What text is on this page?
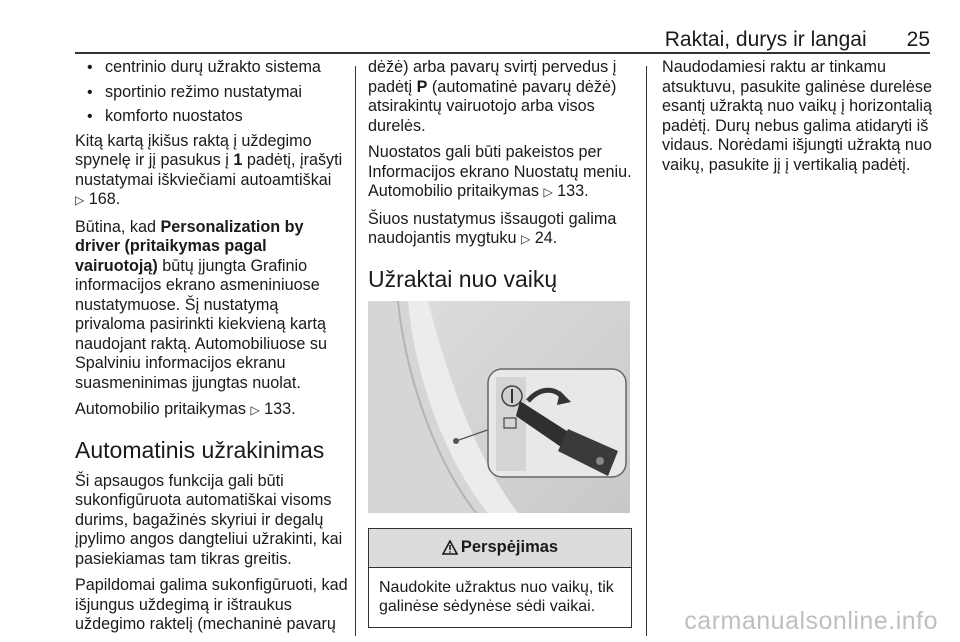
Raktai, durys ir langai 25
• centrinio durų užrakto sistema
• sportinio režimo nustatymai
• komforto nuostatos

Kitą kartą įkišus raktą į uždegimo spynelę ir jį pasukus į 1 padėtį, įrašyti nustatymai iškviečiami autoamtiškai ▷ 168.

Būtina, kad Personalization by driver (pritaikymas pagal vairuotoją) būtų įjungta Grafinio informacijos ekrano asmeniniuose nustatymuose. Šį nustatymą privaloma pasirinkti kiekvieną kartą naudojant raktą. Automobiliuose su Spalviniu informacijos ekranu suasmeninimas įjungtas nuolat.

Automobilio pritaikymas ▷ 133.

Automatinis užrakinimas

Ši apsaugos funkcija gali būti sukonfigūruota automatiškai visoms durims, bagažinės skyriui ir degalų įpylimo angos dangteliui užrakinti, kai pasiekiamas tam tikras greitis.

Papildomai galima sukonfigūruoti, kad išjungus uždegimą ir ištraukus uždegimo raktelį (mechaninė pavarų

dėžė) arba pavarų svirtį pervedus į padėtį P (automatinė pavarų dėžė) atsirakintų vairuotojo arba visos durelės.

Nuostatos gali būti pakeistos per Informacijos ekrano Nuostatų meniu. Automobilio pritaikymas ▷ 133.

Šiuos nustatymus išsaugoti galima naudojantis mygtuku ▷ 24.

Užraktai nuo vaikų
Perspėjimas
Naudokite užraktus nuo vaikų, tik galinėse sėdynėse sėdi vaikai.

Naudodamiesi raktu ar tinkamu atsuktuvu, pasukite galinėse durelėse esantį užraktą nuo vaikų į horizontalią padėtį. Durų nebus galima atidaryti iš vidaus. Norėdami išjungti užraktą nuo vaikų, pasukite jį į vertikalią padėtį.

carmanualsonline.info
